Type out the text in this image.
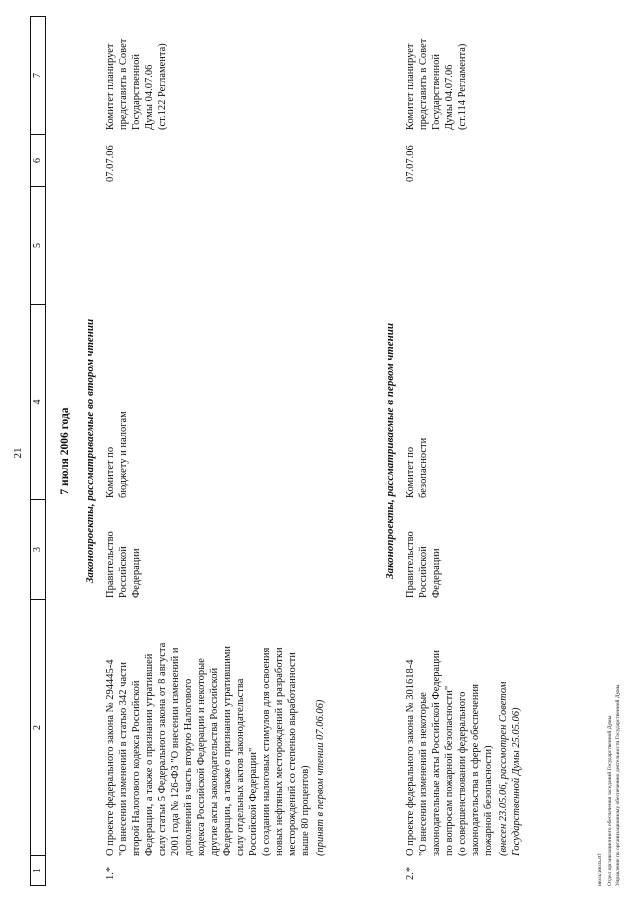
21
1
2
3
4
5
6
7
7 июля 2006 года Законопроекты, рассматриваемые во втором чтении
1.*
О проекте федерального закона № 294445-4
"О внесении изменений в статью 342 части
второй Налогового кодекса Российской
Федерации, а также о признании утратившей
силу статьи 5 Федерального закона от 8 августа
2001 года № 126-ФЗ "О внесении изменений и
дополнений в часть вторую Налогового
кодекса Российской Федерации и некоторые
другие акты законодательства Российской
Федерации, а также о признании утратившими
силу отдельных актов законодательства
Российской Федерации"
(о создании налоговых стимулов для освоения
новых нефтяных месторождений и разработки
месторождений со степенью выработанности
выше 80 процентов) (принят в первом чтении 07.06.06)
Правительство
Российской
Федерации
Комитет по
бюджету и налогам
07.07.06
Комитет планирует
представить в Совет
Государственной
Думы 04.07.06
(ст.122 Регламента)
Законопроекты, рассматриваемые в первом чтении
2.*
О проекте федерального закона № 301618-4
"О внесении изменений в некоторые
законодательные акты Российской Федерации
по вопросам пожарной безопасности"
(о совершенствовании федерального
законодательства в сфере обеспечения
пожарной безопасности)
(внесен 23.05.06, рассмотрен Советом
Государственной Думы 25.05.06)
Правительство
Российской
Федерации
Комитет по
безопасности
07.07.06
Комитет планирует
представить в Совет
Государственной
Думы 04.07.06
(ст.114 Регламента)
июль\июль.rtf Отдел организационного обеспечения заседаний Государственной Думы Управление по организационному обеспечению деятельности Государственной Думы
